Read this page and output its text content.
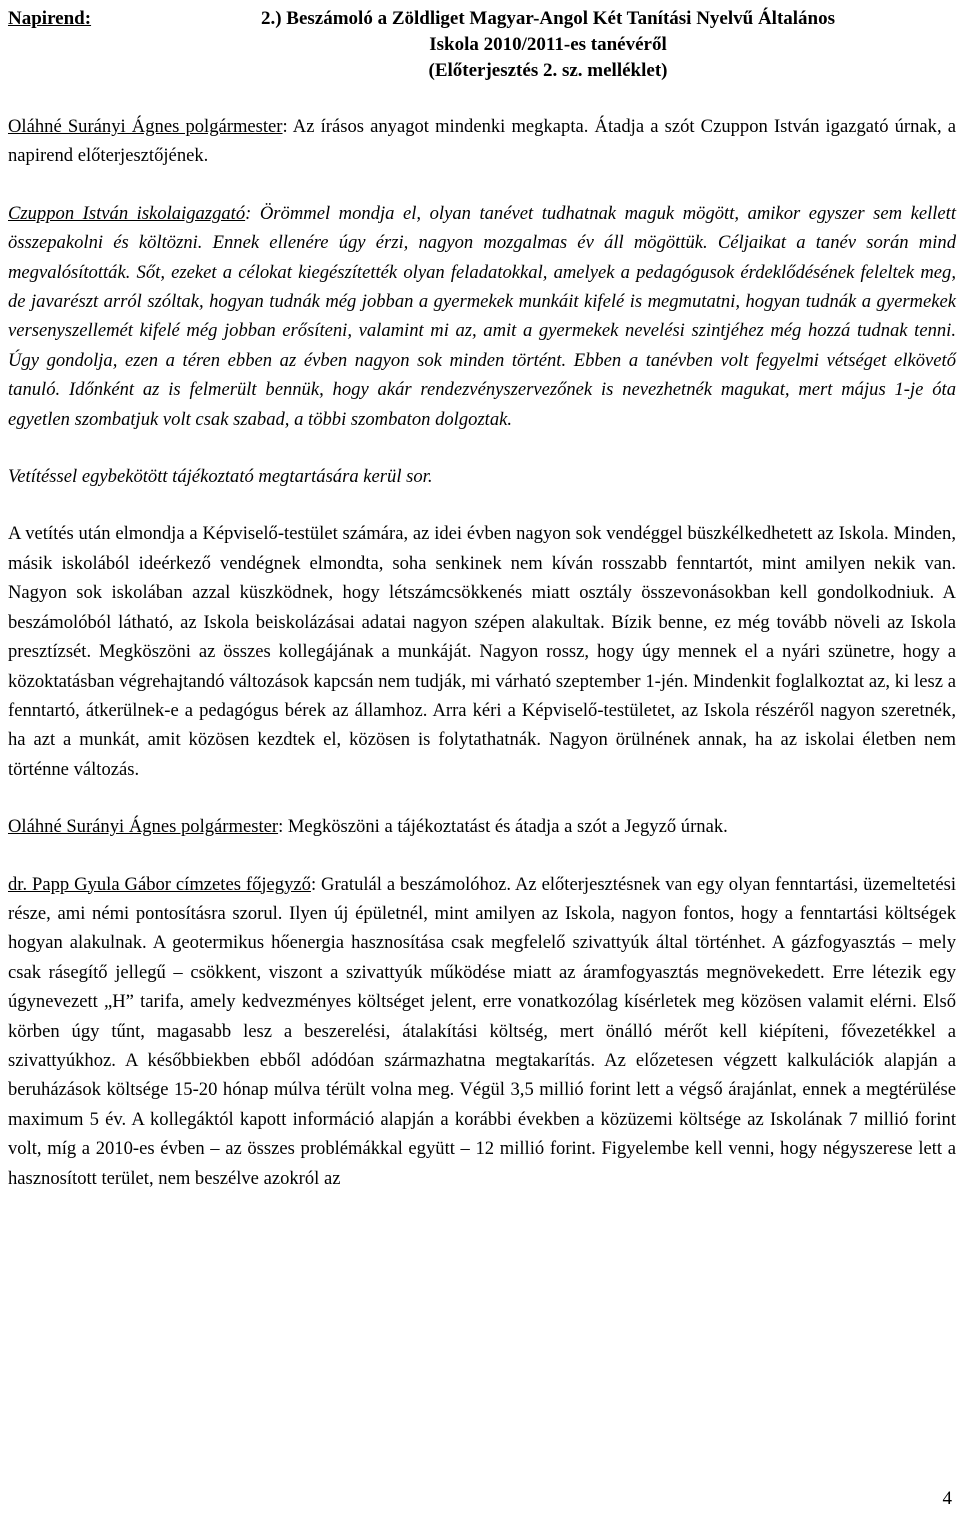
Napirend:	2.) Beszámoló a Zöldliget Magyar-Angol Két Tanítási Nyelvű Általános
Iskola 2010/2011-es tanévéről
(Előterjesztés 2. sz. melléklet)

Oláhné Surányi Ágnes polgármester: Az írásos anyagot mindenki megkapta. Átadja a szót Czuppon István igazgató úrnak, a napirend előterjesztőjének.

Czuppon István iskolaigazgató: Örömmel mondja el, olyan tanévet tudhatnak maguk mögött, amikor egyszer sem kellett összepakolni és költözni. Ennek ellenére úgy érzi, nagyon mozgalmas év áll mögöttük. Céljaikat a tanév során mind megvalósították. Sőt, ezeket a célokat kiegészítették olyan feladatokkal, amelyek a pedagógusok érdeklődésének feleltek meg, de javarészt arról szóltak, hogyan tudnák még jobban a gyermekek munkáit kifelé is megmutatni, hogyan tudnák a gyermekek versenyszellemét kifelé még jobban erősíteni, valamint mi az, amit a gyermekek nevelési szintjéhez még hozzá tudnak tenni. Úgy gondolja, ezen a téren ebben az évben nagyon sok minden történt. Ebben a tanévben volt fegyelmi vétséget elkövető tanuló. Időnként az is felmerült bennük, hogy akár rendezvényszervezőnek is nevezhetnék magukat, mert május 1-je óta egyetlen szombatjuk volt csak szabad, a többi szombaton dolgoztak.

Vetítéssel egybekötött tájékoztató megtartására kerül sor.

A vetítés után elmondja a Képviselő-testület számára, az idei évben nagyon sok vendéggel büszkélkedhetett az Iskola. Minden, másik iskolából ideérkező vendégnek elmondta, soha senkinek nem kíván rosszabb fenntartót, mint amilyen nekik van. Nagyon sok iskolában azzal küszködnek, hogy létszámcsökkenés miatt osztály összevonásokban kell gondolkodniuk. A beszámolóból látható, az Iskola beiskolázásai adatai nagyon szépen alakultak. Bízik benne, ez még tovább növeli az Iskola presztízsét. Megköszöni az összes kollegájának a munkáját. Nagyon rossz, hogy úgy mennek el a nyári szünetre, hogy a közoktatásban végrehajtandó változások kapcsán nem tudják, mi várható szeptember 1-jén. Mindenkit foglalkoztat az, ki lesz a fenntartó, átkerülnek-e a pedagógus bérek az államhoz. Arra kéri a Képviselő-testületet, az Iskola részéről nagyon szeretnék, ha azt a munkát, amit közösen kezdtek el, közösen is folytathatnák. Nagyon örülnének annak, ha az iskolai életben nem történne változás.

Oláhné Surányi Ágnes polgármester: Megköszöni a tájékoztatást és átadja a szót a Jegyző úrnak.

dr. Papp Gyula Gábor címzetes főjegyző: Gratulál a beszámolóhoz. Az előterjesztésnek van egy olyan fenntartási, üzemeltetési része, ami némi pontosításra szorul. Ilyen új épületnél, mint amilyen az Iskola, nagyon fontos, hogy a fenntartási költségek hogyan alakulnak. A geotermikus hőenergia hasznosítása csak megfelelő szivattyúk által történhet. A gázfogyasztás – mely csak rásegítő jellegű – csökkent, viszont a szivattyúk működése miatt az áramfogyasztás megnövekedett. Erre létezik egy úgynevezett „H” tarifa, amely kedvezményes költséget jelent, erre vonatkozólag kísérletek meg közösen valamit elérni. Első körben úgy tűnt, magasabb lesz a beszerelési, átalakítási költség, mert önálló mérőt kell kiépíteni, fővezetékkel a szivattyúkhoz. A későbbiekben ebből adódóan származhatna megtakarítás. Az előzetesen végzett kalkulációk alapján a beruházások költsége 15-20 hónap múlva térült volna meg. Végül 3,5 millió forint lett a végső árajánlat, ennek a megtérülése maximum 5 év. A kollegáktól kapott információ alapján a korábbi években a közüzemi költsége az Iskolának 7 millió forint volt, míg a 2010-es évben – az összes problémákkal együtt – 12 millió forint. Figyelembe kell venni, hogy négyszerese lett a hasznosított terület, nem beszélve azokról az

4
